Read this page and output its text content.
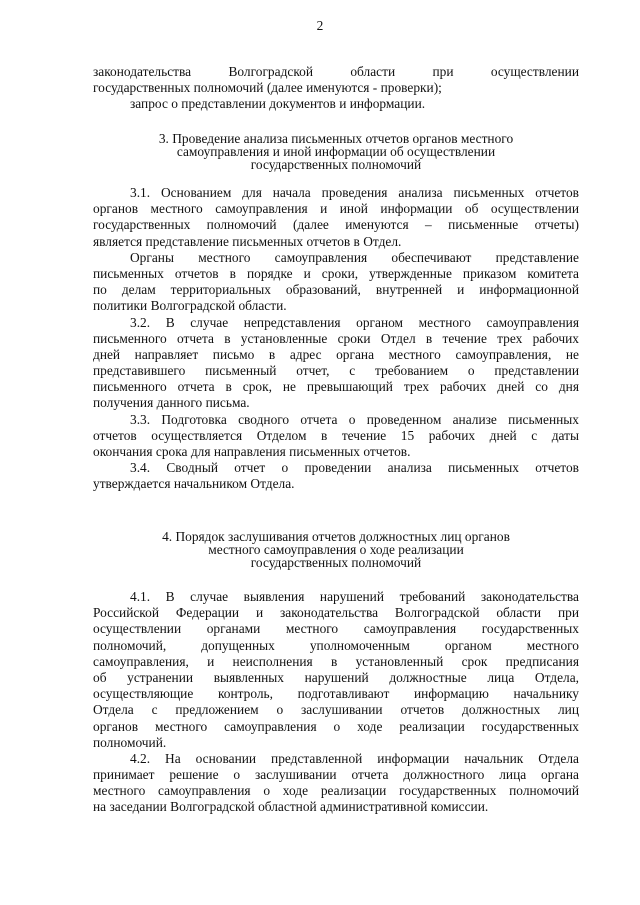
2
законодательства Волгоградской области при осуществлении
государственных полномочий (далее именуются - проверки);
запрос о представлении документов и информации.
3. Проведение анализа письменных отчетов органов местного
самоуправления и иной информации об осуществлении
государственных полномочий
3.1. Основанием для начала проведения анализа письменных отчетов
органов местного самоуправления и иной информации об осуществлении
государственных полномочий (далее именуются – письменные отчеты)
является представление письменных отчетов в Отдел.
Органы местного самоуправления обеспечивают представление
письменных отчетов в порядке и сроки, утвержденные приказом комитета
по делам территориальных образований, внутренней и информационной
политики Волгоградской области.
3.2. В случае непредставления органом местного самоуправления
письменного отчета в установленные сроки Отдел в течение трех рабочих
дней направляет письмо в адрес органа местного самоуправления, не
представившего письменный отчет, с требованием о представлении
письменного отчета в срок, не превышающий трех рабочих дней со дня
получения данного письма.
3.3. Подготовка сводного отчета о проведенном анализе письменных
отчетов осуществляется Отделом в течение 15 рабочих дней с даты
окончания срока для направления письменных отчетов.
3.4. Сводный отчет о проведении анализа письменных отчетов
утверждается начальником Отдела.
4. Порядок заслушивания отчетов должностных лиц органов
местного самоуправления о ходе реализации
государственных полномочий
4.1. В случае выявления нарушений требований законодательства
Российской Федерации и законодательства Волгоградской области при
осуществлении органами местного самоуправления государственных
полномочий, допущенных уполномоченным органом местного
самоуправления, и неисполнения в установленный срок предписания
об устранении выявленных нарушений должностные лица Отдела,
осуществляющие контроль, подготавливают информацию начальнику
Отдела с предложением о заслушивании отчетов должностных лиц
органов местного самоуправления о ходе реализации государственных
полномочий.
4.2. На основании представленной информации начальник Отдела
принимает решение о заслушивании отчета должностного лица органа
местного самоуправления о ходе реализации государственных полномочий
на заседании Волгоградской областной административной комиссии.
